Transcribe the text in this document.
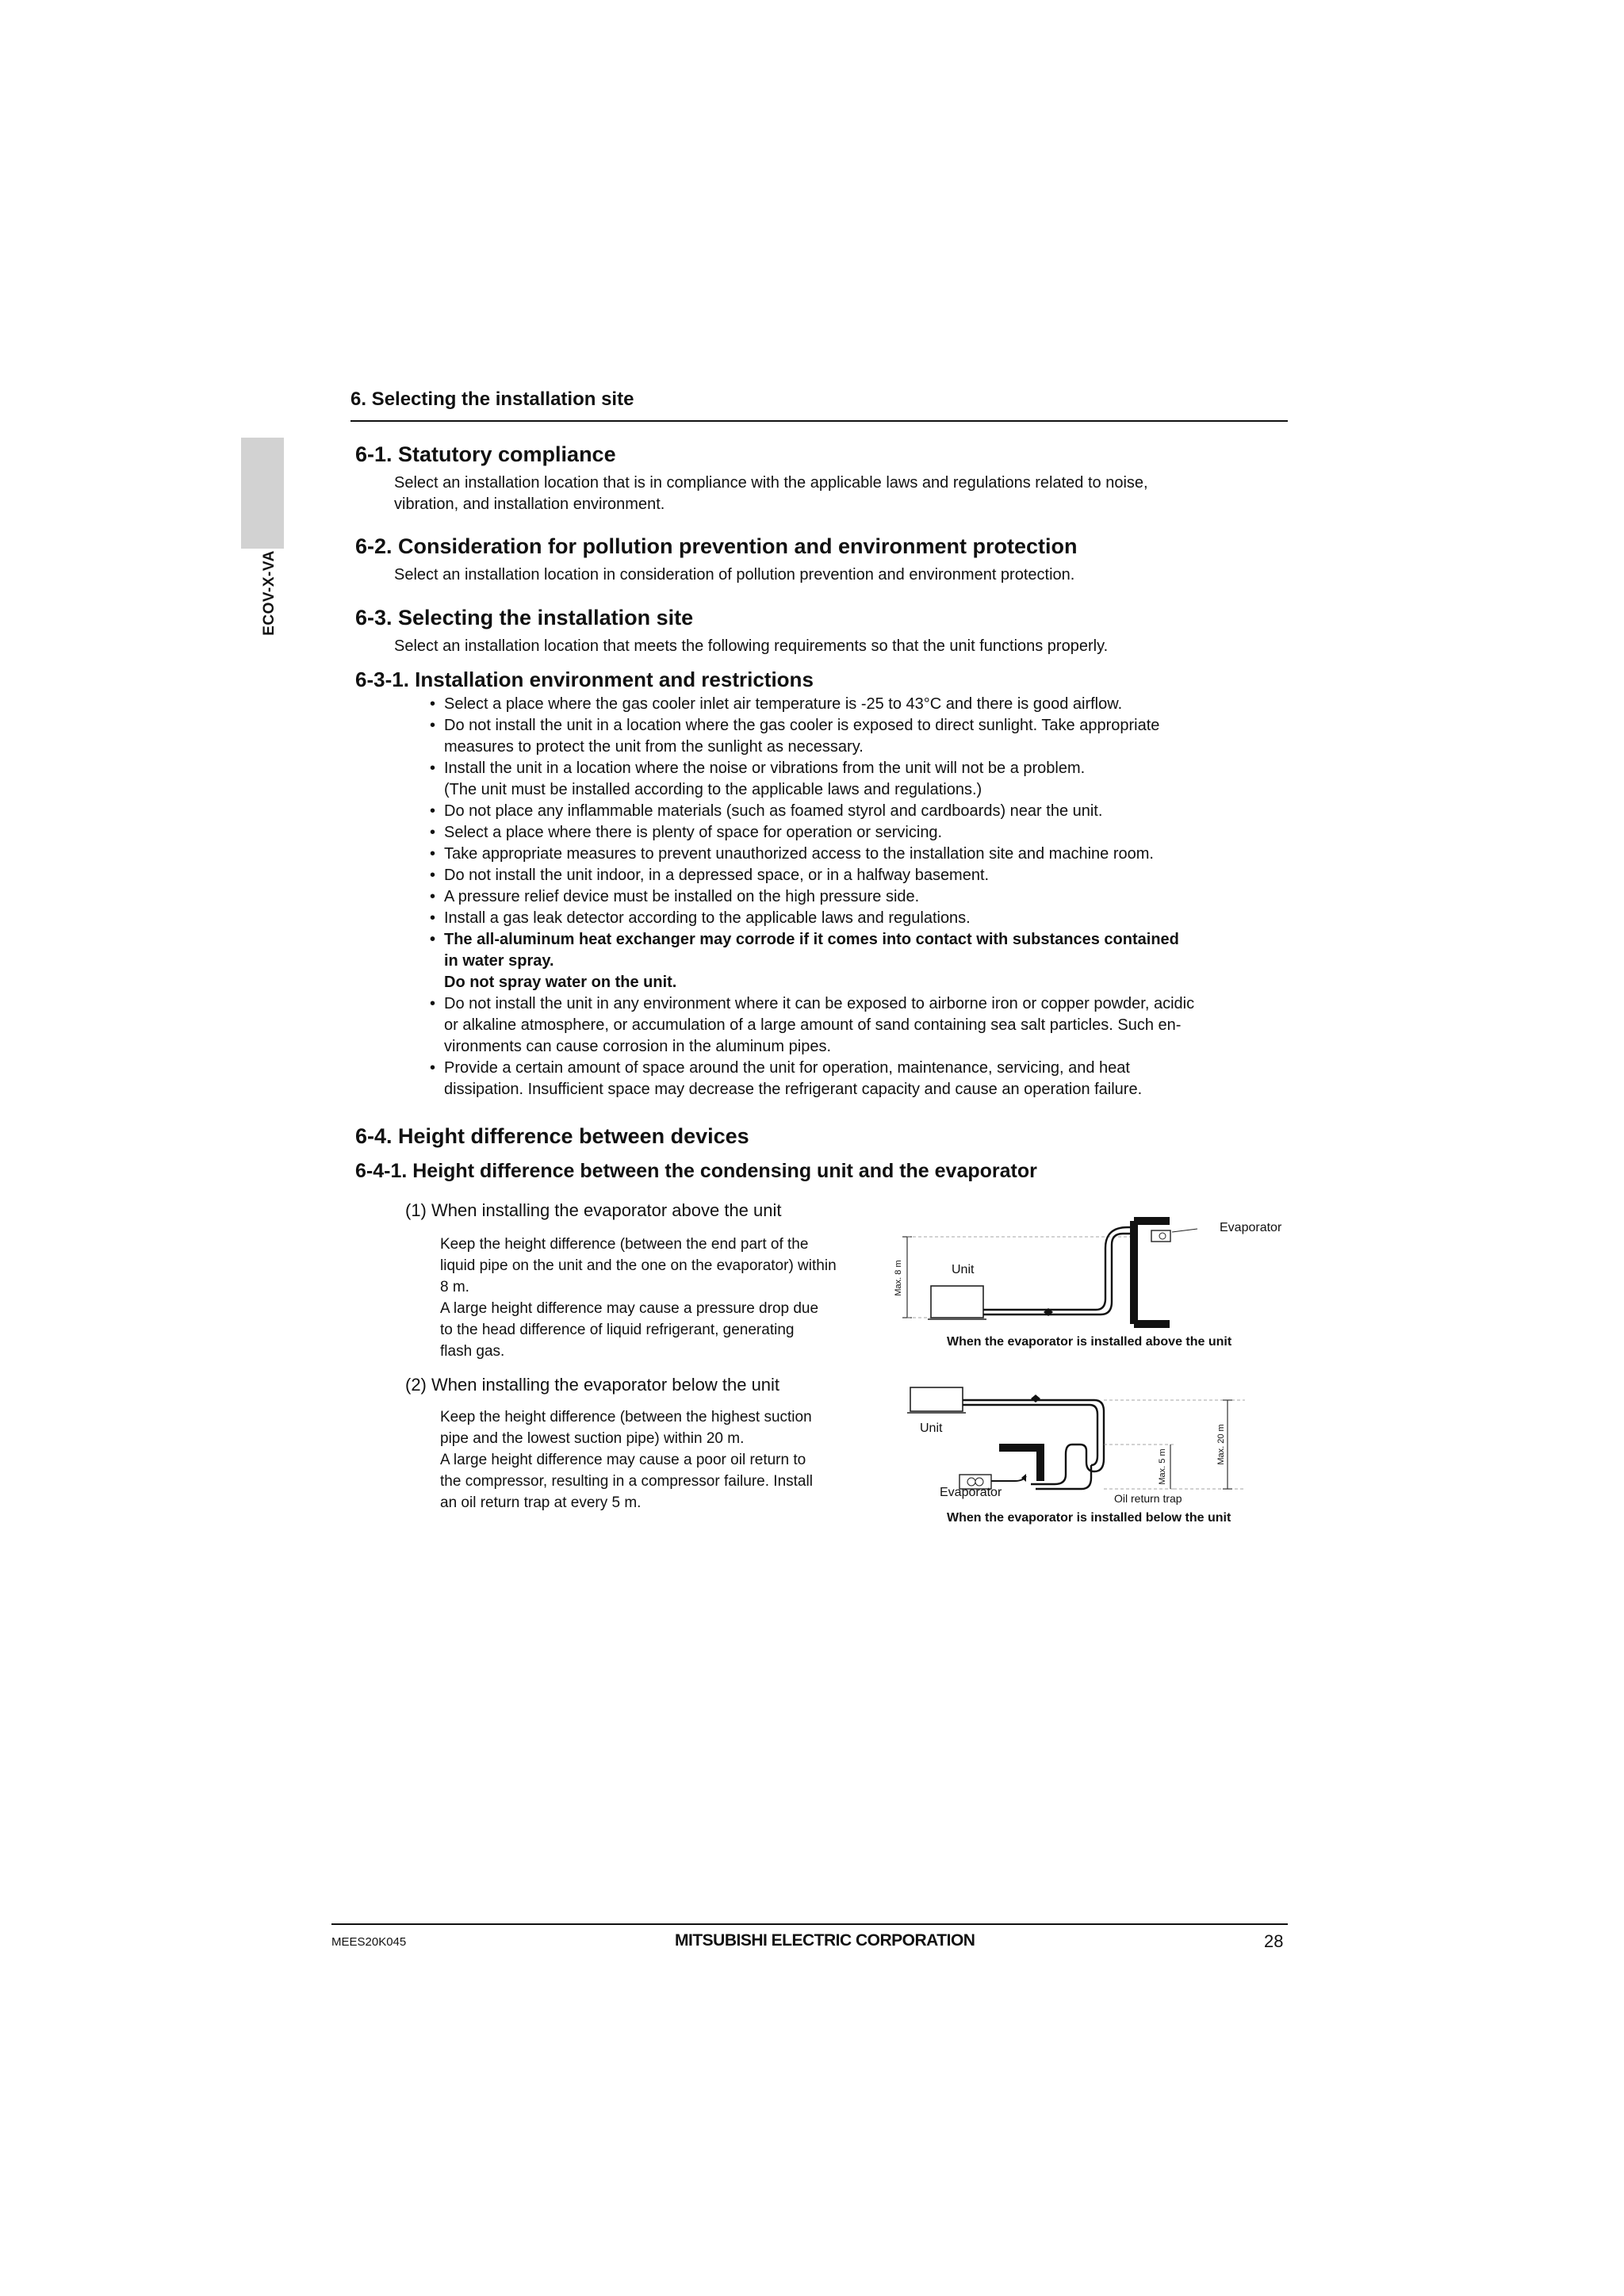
ECOV-X-VA
6. Selecting the installation site
6-1. Statutory compliance
Select an installation location that is in compliance with the applicable laws and regulations related to noise,
vibration, and installation environment.
6-2. Consideration for pollution prevention and environment protection
Select an installation location in consideration of pollution prevention and environment protection.
6-3. Selecting the installation site
Select an installation location that meets the following requirements so that the unit functions properly.
6-3-1. Installation environment and restrictions
• Select a place where the gas cooler inlet air temperature is -25 to 43°C and there is good airflow.
• Do not install the unit in a location where the gas cooler is exposed to direct sunlight. Take appropriate
measures to protect the unit from the sunlight as necessary.
• Install the unit in a location where the noise or vibrations from the unit will not be a problem.
(The unit must be installed according to the applicable laws and regulations.)
• Do not place any inflammable materials (such as foamed styrol and cardboards) near the unit.
• Select a place where there is plenty of space for operation or servicing.
• Take appropriate measures to prevent unauthorized access to the installation site and machine room.
• Do not install the unit indoor, in a depressed space, or in a halfway basement.
• A pressure relief device must be installed on the high pressure side.
• Install a gas leak detector according to the applicable laws and regulations.
• The all-aluminum heat exchanger may corrode if it comes into contact with substances contained
in water spray.
Do not spray water on the unit.
• Do not install the unit in any environment where it can be exposed to airborne iron or copper powder, acidic
or alkaline atmosphere, or accumulation of a large amount of sand containing sea salt particles. Such en-
vironments can cause corrosion in the aluminum pipes.
• Provide a certain amount of space around the unit for operation, maintenance, servicing, and heat
dissipation. Insufficient space may decrease the refrigerant capacity and cause an operation failure.
6-4. Height difference between devices
6-4-1. Height difference between the condensing unit and the evaporator
(1) When installing the evaporator above the unit
Keep the height difference (between the end part of the
liquid pipe on the unit and the one on the evaporator) within
8 m.
A large height difference may cause a pressure drop due
to the head difference of liquid refrigerant, generating
flash gas.
(2) When installing the evaporator below the unit
Keep the height difference (between the highest suction
pipe and the lowest suction pipe) within 20 m.
A large height difference may cause a poor oil return to
the compressor, resulting in a compressor failure. Install
an oil return trap at every 5 m.
Unit
Evaporator
Max. 8 m
When the evaporator is installed above the unit
Unit
Evaporator	Oil return trap
Max. 5 m
Max. 20 m
When the evaporator is installed below the unit
MEES20K045	MITSUBISHI ELECTRIC CORPORATION	28
